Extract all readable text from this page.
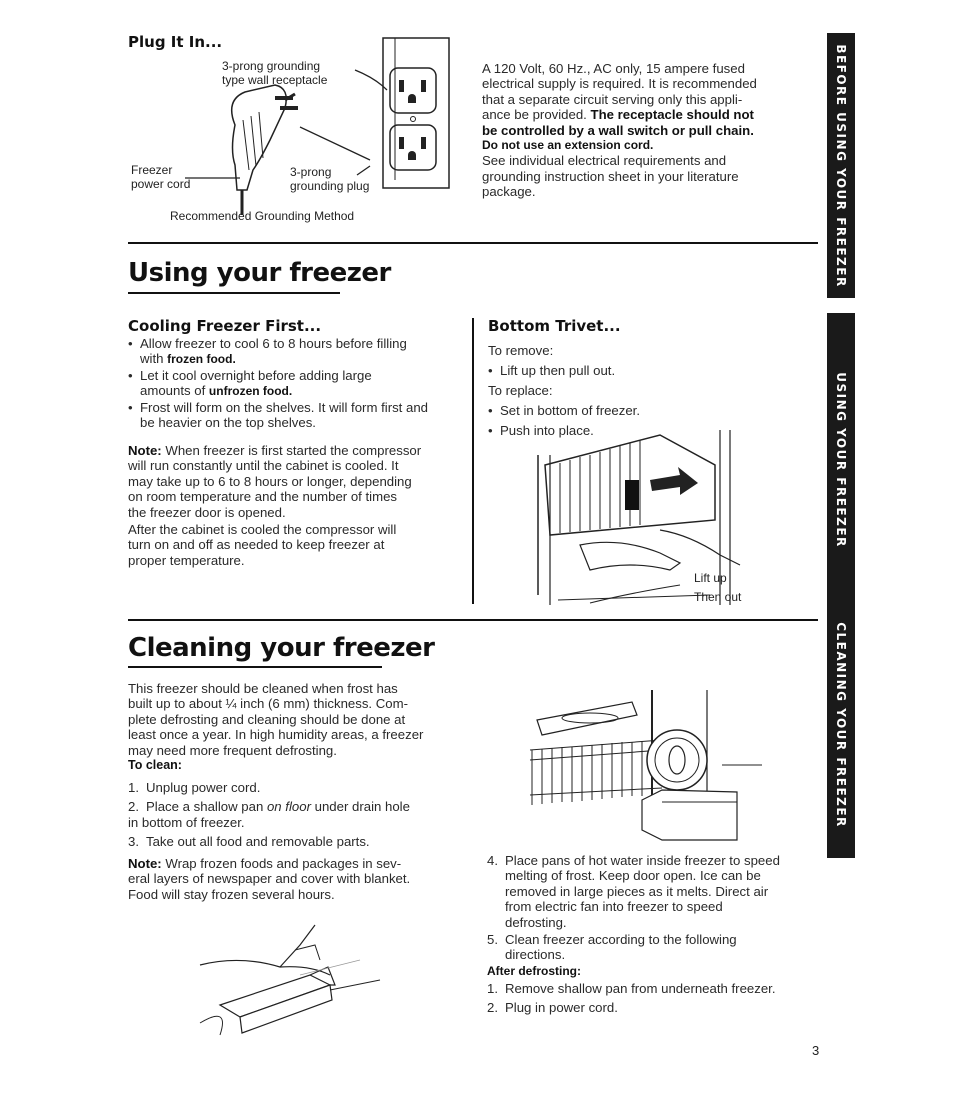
Plug It In...
3-prong grounding
type wall receptacle
Freezer
power cord
3-prong
grounding plug
Recommended Grounding Method

A 120 Volt, 60 Hz., AC only, 15 ampere fused

electrical supply is required. It is recommended

that a separate circuit serving only this appli-

ance be provided. The receptacle should not

be controlled by a wall switch or pull chain.

Do not use an extension cord.

See individual electrical requirements and

grounding instruction sheet in your literature

package.

Using your freezer
Cooling Freezer First...
• Allow freezer to cool 6 to 8 hours before filling
with frozen food.
• Let it cool overnight before adding large
amounts of unfrozen food.
• Frost will form on the shelves. It will form first and
be heavier on the top shelves.

Note: When freezer is first started the compressor

will run constantly until the cabinet is cooled. It

may take up to 6 to 8 hours or longer, depending

on room temperature and the number of times

the freezer door is opened.

After the cabinet is cooled the compressor will

turn on and off as needed to keep freezer at

proper temperature.

Bottom Trivet...

To remove:

• Lift up then pull out.

To replace:

• Set in bottom of freezer.

• Push into place.

Lift up
Then out
Cleaning your freezer

This freezer should be cleaned when frost has

built up to about ¼ inch (6 mm) thickness. Com-

plete defrosting and cleaning should be done at

least once a year. In high humidity areas, a freezer

may need more frequent defrosting.

To clean:

1. Unplug power cord.
2. Place a shallow pan on floor under drain hole
in bottom of freezer.
3. Take out all food and removable parts.

Note: Wrap frozen foods and packages in sev-

eral layers of newspaper and cover with blanket.

Food will stay frozen several hours.

4. Place pans of hot water inside freezer to speed
melting of frost. Keep door open. Ice can be
removed in large pieces as it melts. Direct air
from electric fan into freezer to speed
defrosting.
5. Clean freezer according to the following
directions.

After defrosting:

1. Remove shallow pan from underneath freezer.
2. Plug in power cord.
BEFORE USING YOUR FREEZER
USING YOUR FREEZER
CLEANING YOUR FREEZER
3
